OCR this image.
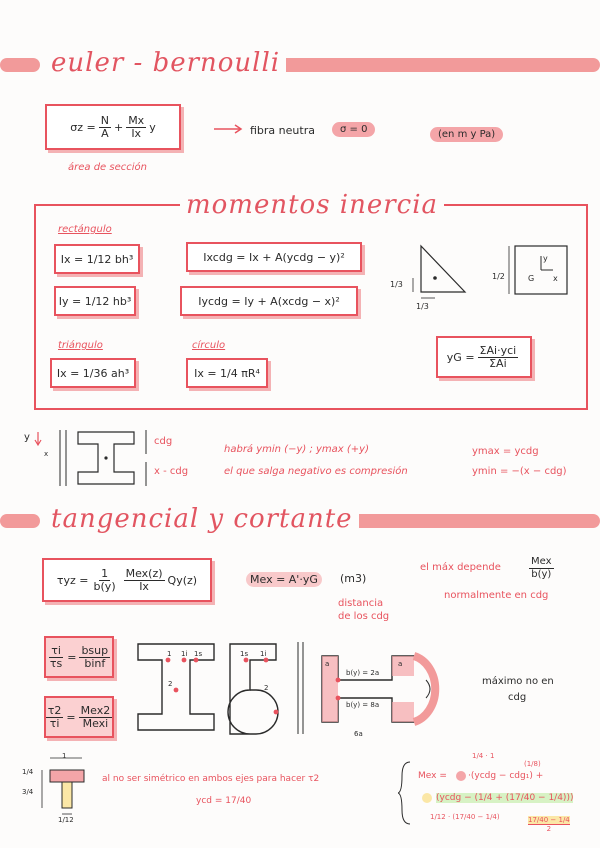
euler - bernoulli
$\sigma z = \frac{N}{A} + \frac{Mx}{Ix}$ y
área de sección
fibra neutra	σ = 0	(en m y Pa)
momentos inercia
rectángulo
Ix = 1/12 bh³
Iy = 1/12 hb³
Ixcdg = Ix + A(ycdg − y)²
Iycdg = Iy + A(xcdg − x)²
triángulo
Ix = 1/36 ah³
círculo
Ix = 1/4 πR⁴
yG = $\frac{\text{ΣAi·yci}}{\text{ΣAi}}$
1/3
1/3
1/2	G
y
x
y
x
cdg
x - cdg
habrá ymin (−y) ; ymax (+y)
el que salga negativo es compresión
ymax = ycdg
ymin = −(x − cdg)
tangencial y cortante
$\tau yz = \frac{1}{b(y)} \frac{\text{Mex(z)}}{Ix} Qy(z)$	Mex = A'·yG	(m3)
distancia
de los cdg
el máx depende	$\frac{\text{Mex}}{b(y)}$
normalmente en cdg
$\frac{\tau i}{\tau s} = \frac{\text{bsup}}{\text{binf}}$
$\frac{\tau 2}{\tau i} = \frac{\text{Mex2}}{\text{Mexi}}$
1 1i 1s
2
1s 1i
2
a	a
b(y) = 2a
b(y) = 8a
6a
máximo no en
cdg
1
1/4
3/4
1/12
al no ser simétrico en ambos ejes para hacer τ2
ycd = 17/40
Mex = ·(ycdg − cdg₁) +
1/4 · 1
(1/8)
(ycdg − (1/4 + (17/40 − 1/4)))
1/12 · (17/40 − 1/4)	17/40 − 1/4
2
